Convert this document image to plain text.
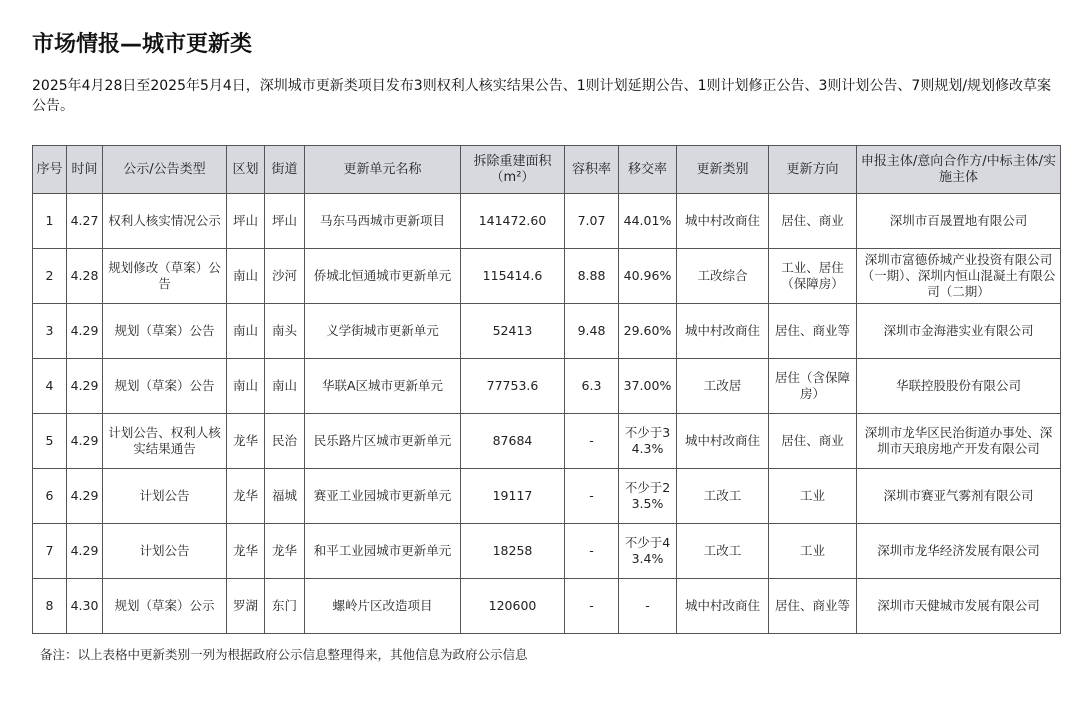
市场情报—城市更新类
2025年4月28日至2025年5月4日，深圳城市更新类项目发布3则权利人核实结果公告、1则计划延期公告、1则计划修正公告、3则计划公告、7则规划/规划修改草案公告。
序号	时间	公示/公告类型	区划	街道	更新单元名称	拆除重建面积（m²）	容积率	移交率	更新类别	更新方向	申报主体/意向合作方/中标主体/实施主体
1	4.27	权利人核实情况公示	坪山	坪山	马东马西城市更新项目	141472.60	7.07	44.01%	城中村改商住	居住、商业	深圳市百晟置地有限公司
2	4.28	规划修改（草案）公告	南山	沙河	侨城北恒通城市更新单元	115414.6	8.88	40.96%	工改综合	工业、居住（保障房）	深圳市富德侨城产业投资有限公司（一期）、深圳内恒山混凝土有限公司（二期）
3	4.29	规划（草案）公告	南山	南头	义学街城市更新单元	52413	9.48	29.60%	城中村改商住	居住、商业等	深圳市金海港实业有限公司
4	4.29	规划（草案）公告	南山	南山	华联A区城市更新单元	77753.6	6.3	37.00%	工改居	居住（含保障房）	华联控股股份有限公司
5	4.29	计划公告、权利人核实结果通告	龙华	民治	民乐路片区城市更新单元	87684	-	不少于34.3%	城中村改商住	居住、商业	深圳市龙华区民治街道办事处、深圳市天琅房地产开发有限公司
6	4.29	计划公告	龙华	福城	赛亚工业园城市更新单元	19117	-	不少于23.5%	工改工	工业	深圳市赛亚气雾剂有限公司
7	4.29	计划公告	龙华	龙华	和平工业园城市更新单元	18258	-	不少于43.4%	工改工	工业	深圳市龙华经济发展有限公司
8	4.30	规划（草案）公示	罗湖	东门	螺岭片区改造项目	120600	-	-	城中村改商住	居住、商业等	深圳市天健城市发展有限公司
备注：以上表格中更新类别一列为根据政府公示信息整理得来，其他信息为政府公示信息
